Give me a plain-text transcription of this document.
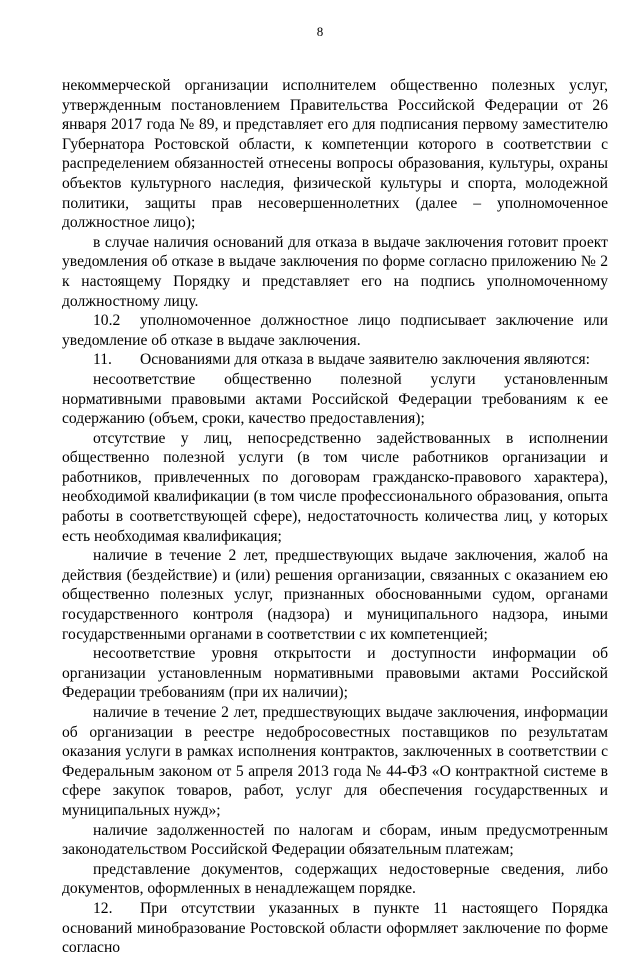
8

некоммерческой организации исполнителем общественно полезных услуг, утвержденным постановлением Правительства Российской Федерации от 26 января 2017 года № 89, и представляет его для подписания первому заместителю Губернатора Ростовской области, к компетенции которого в соответствии с распределением обязанностей отнесены вопросы образования, культуры, охраны объектов культурного наследия, физической культуры и спорта, молодежной политики, защиты прав несовершеннолетних (далее – уполномоченное должностное лицо);

в случае наличия оснований для отказа в выдаче заключения готовит проект уведомления об отказе в выдаче заключения по форме согласно приложению № 2 к настоящему Порядку и представляет его на подпись уполномоченному должностному лицу.

10.2 уполномоченное должностное лицо подписывает заключение или уведомление об отказе в выдаче заключения.

11. Основаниями для отказа в выдаче заявителю заключения являются:

несоответствие общественно полезной услуги установленным нормативными правовыми актами Российской Федерации требованиям к ее содержанию (объем, сроки, качество предоставления);

отсутствие у лиц, непосредственно задействованных в исполнении общественно полезной услуги (в том числе работников организации и работников, привлеченных по договорам гражданско-правового характера), необходимой квалификации (в том числе профессионального образования, опыта работы в соответствующей сфере), недостаточность количества лиц, у которых есть необходимая квалификация;

наличие в течение 2 лет, предшествующих выдаче заключения, жалоб на действия (бездействие) и (или) решения организации, связанных с оказанием ею общественно полезных услуг, признанных обоснованными судом, органами государственного контроля (надзора) и муниципального надзора, иными государственными органами в соответствии с их компетенцией;

несоответствие уровня открытости и доступности информации об организации установленным нормативными правовыми актами Российской Федерации требованиям (при их наличии);

наличие в течение 2 лет, предшествующих выдаче заключения, информации об организации в реестре недобросовестных поставщиков по результатам оказания услуги в рамках исполнения контрактов, заключенных в соответствии с Федеральным законом от 5 апреля 2013 года № 44-ФЗ «О контрактной системе в сфере закупок товаров, работ, услуг для обеспечения государственных и муниципальных нужд»;

наличие задолженностей по налогам и сборам, иным предусмотренным законодательством Российской Федерации обязательным платежам;

представление документов, содержащих недостоверные сведения, либо документов, оформленных в ненадлежащем порядке.

12. При отсутствии указанных в пункте 11 настоящего Порядка оснований минобразование Ростовской области оформляет заключение по форме согласно
